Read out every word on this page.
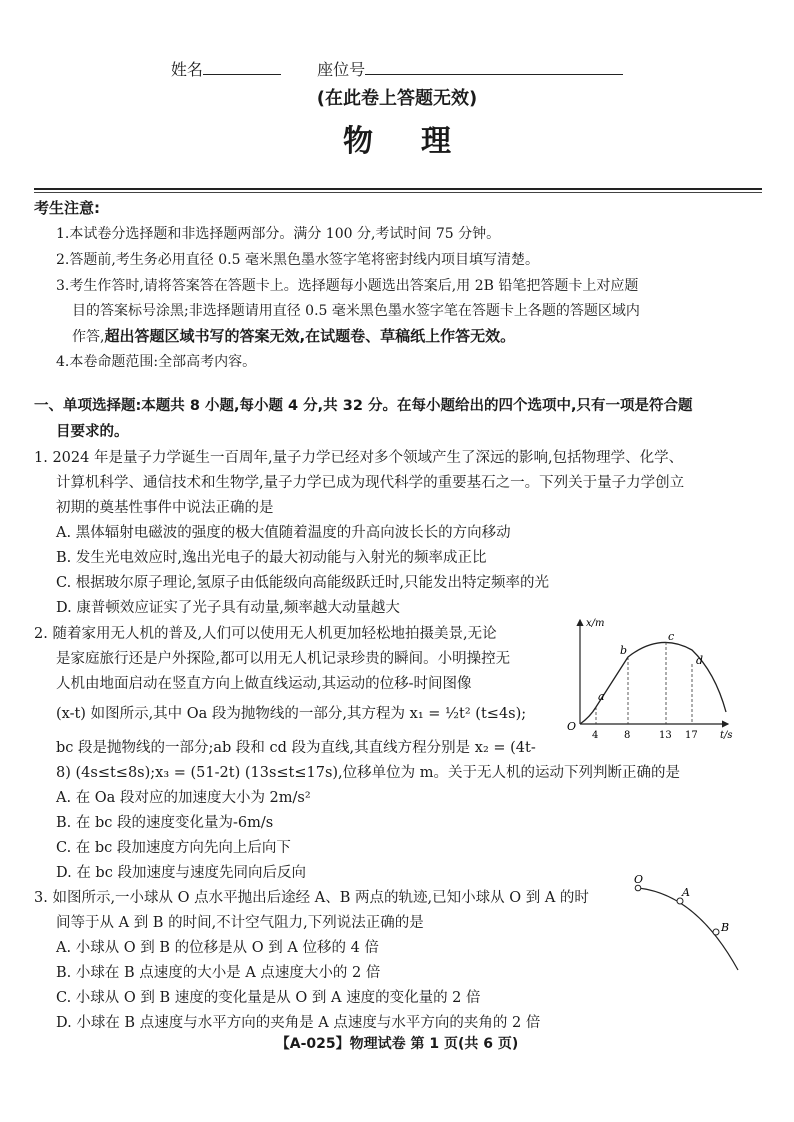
姓名	座位号
(在此卷上答题无效)
物理
考生注意:
1.本试卷分选择题和非选择题两部分。满分 100 分,考试时间 75 分钟。
2.答题前,考生务必用直径 0.5 毫米黑色墨水签字笔将密封线内项目填写清楚。
3.考生作答时,请将答案答在答题卡上。选择题每小题选出答案后,用 2B 铅笔把答题卡上对应题
目的答案标号涂黑;非选择题请用直径 0.5 毫米黑色墨水签字笔在答题卡上各题的答题区域内
作答,超出答题区域书写的答案无效,在试题卷、草稿纸上作答无效。
4.本卷命题范围:全部高考内容。
一、单项选择题:本题共 8 小题,每小题 4 分,共 32 分。在每小题给出的四个选项中,只有一项是符合题
目要求的。
1. 2024 年是量子力学诞生一百周年,量子力学已经对多个领域产生了深远的影响,包括物理学、化学、
计算机科学、通信技术和生物学,量子力学已成为现代科学的重要基石之一。下列关于量子力学创立
初期的奠基性事件中说法正确的是
A. 黑体辐射电磁波的强度的极大值随着温度的升高向波长长的方向移动
B. 发生光电效应时,逸出光电子的最大初动能与入射光的频率成正比
C. 根据玻尔原子理论,氢原子由低能级向高能级跃迁时,只能发出特定频率的光
D. 康普顿效应证实了光子具有动量,频率越大动量越大
2. 随着家用无人机的普及,人们可以使用无人机更加轻松地拍摄美景,无论
是家庭旅行还是户外探险,都可以用无人机记录珍贵的瞬间。小明操控无
人机由地面启动在竖直方向上做直线运动,其运动的位移-时间图像
(x-t) 如图所示,其中 Oa 段为抛物线的一部分,其方程为 x₁ = ½t² (t≤4s);
bc 段是抛物线的一部分;ab 段和 cd 段为直线,其直线方程分别是 x₂ = (4t-
8) (4s≤t≤8s);x₃ = (51-2t) (13s≤t≤17s),位移单位为 m。关于无人机的运动下列判断正确的是
A. 在 Oa 段对应的加速度大小为 2m/s²
B. 在 bc 段的速度变化量为-6m/s
C. 在 bc 段加速度方向先向上后向下
D. 在 bc 段加速度与速度先同向后反向
x/m
t/s
O
4	8	13 17
a
b
c
d
3. 如图所示,一小球从 O 点水平抛出后途经 A、B 两点的轨迹,已知小球从 O 到 A 的时
间等于从 A 到 B 的时间,不计空气阻力,下列说法正确的是
A. 小球从 O 到 B 的位移是从 O 到 A 位移的 4 倍
B. 小球在 B 点速度的大小是 A 点速度大小的 2 倍
C. 小球从 O 到 B 速度的变化量是从 O 到 A 速度的变化量的 2 倍
D. 小球在 B 点速度与水平方向的夹角是 A 点速度与水平方向的夹角的 2 倍
O
A
B
【A-025】物理试卷 第 1 页(共 6 页)
